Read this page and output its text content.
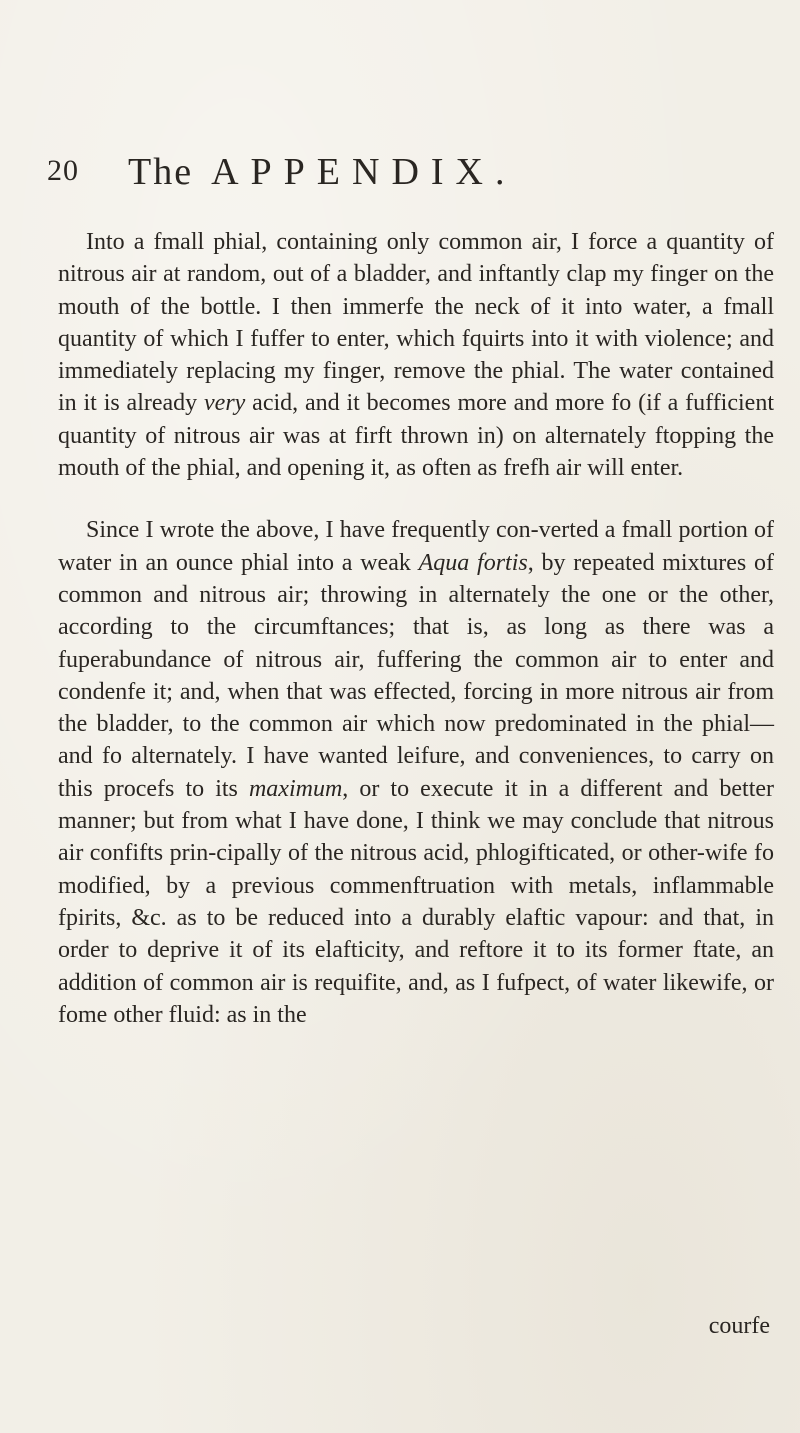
20 The APPENDIX.

Into a fmall phial, containing only common air, I force a quantity of nitrous air at random, out of a bladder, and inftantly clap my finger on the mouth of the bottle. I then immerfe the neck of it into water, a fmall quantity of which I fuffer to enter, which fquirts into it with violence; and immediately replacing my finger, remove the phial. The water contained in it is already very acid, and it becomes more and more fo (if a fufficient quantity of nitrous air was at firft thrown in) on alternately ftopping the mouth of the phial, and opening it, as often as frefh air will enter.

Since I wrote the above, I have frequently con-verted a fmall portion of water in an ounce phial into a weak Aqua fortis, by repeated mixtures of common and nitrous air; throwing in alternately the one or the other, according to the circumftances; that is, as long as there was a fuperabundance of nitrous air, fuffering the common air to enter and condenfe it; and, when that was effected, forcing in more nitrous air from the bladder, to the common air which now predominated in the phial—and fo alternately. I have wanted leifure, and conveniences, to carry on this procefs to its maximum, or to execute it in a different and better manner; but from what I have done, I think we may conclude that nitrous air confifts prin-cipally of the nitrous acid, phlogifticated, or other-wife fo modified, by a previous commenftruation with metals, inflammable fpirits, &c. as to be reduced into a durably elaftic vapour: and that, in order to deprive it of its elafticity, and reftore it to its former ftate, an addition of common air is requifite, and, as I fufpect, of water likewife, or fome other fluid: as in the

courfe
